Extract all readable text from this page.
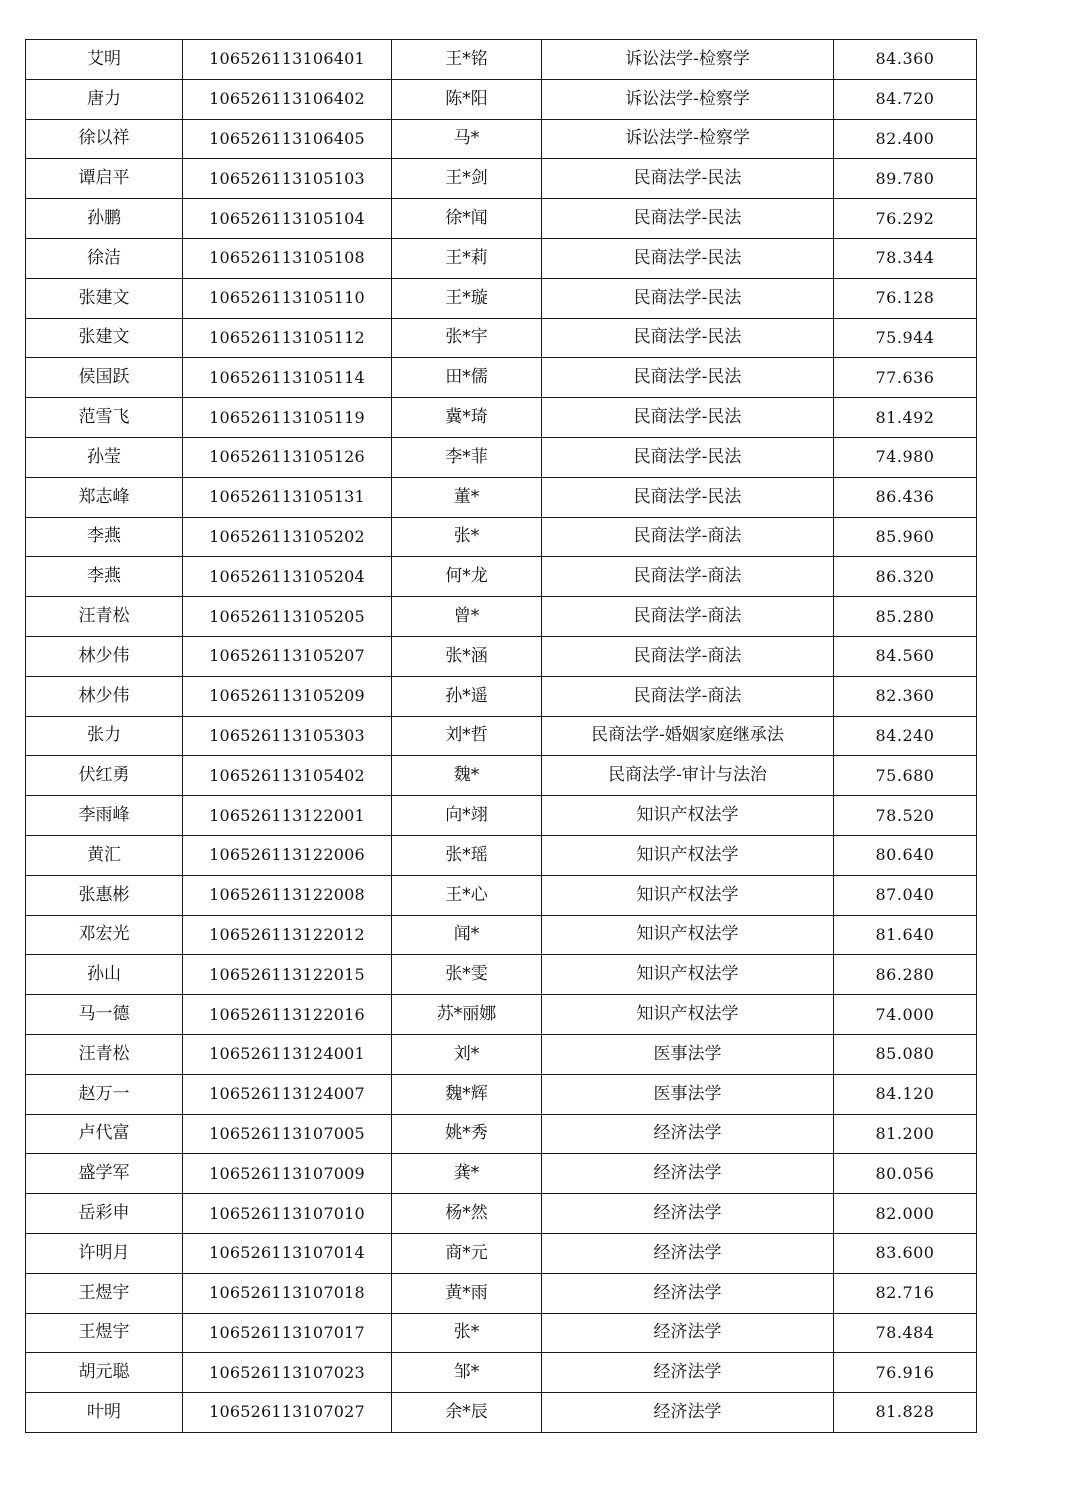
艾明	106526113106401	王*铭	诉讼法学-检察学	84.360
唐力	106526113106402	陈*阳	诉讼法学-检察学	84.720
徐以祥	106526113106405	马*	诉讼法学-检察学	82.400
谭启平	106526113105103	王*剑	民商法学-民法	89.780
孙鹏	106526113105104	徐*闻	民商法学-民法	76.292
徐洁	106526113105108	王*莉	民商法学-民法	78.344
张建文	106526113105110	王*璇	民商法学-民法	76.128
张建文	106526113105112	张*宇	民商法学-民法	75.944
侯国跃	106526113105114	田*儒	民商法学-民法	77.636
范雪飞	106526113105119	冀*琦	民商法学-民法	81.492
孙莹	106526113105126	李*菲	民商法学-民法	74.980
郑志峰	106526113105131	董*	民商法学-民法	86.436
李燕	106526113105202	张*	民商法学-商法	85.960
李燕	106526113105204	何*龙	民商法学-商法	86.320
汪青松	106526113105205	曾*	民商法学-商法	85.280
林少伟	106526113105207	张*涵	民商法学-商法	84.560
林少伟	106526113105209	孙*遥	民商法学-商法	82.360
张力	106526113105303	刘*哲	民商法学-婚姻家庭继承法	84.240
伏红勇	106526113105402	魏*	民商法学-审计与法治	75.680
李雨峰	106526113122001	向*翊	知识产权法学	78.520
黄汇	106526113122006	张*瑶	知识产权法学	80.640
张惠彬	106526113122008	王*心	知识产权法学	87.040
邓宏光	106526113122012	闻*	知识产权法学	81.640
孙山	106526113122015	张*雯	知识产权法学	86.280
马一德	106526113122016	苏*丽娜	知识产权法学	74.000
汪青松	106526113124001	刘*	医事法学	85.080
赵万一	106526113124007	魏*辉	医事法学	84.120
卢代富	106526113107005	姚*秀	经济法学	81.200
盛学军	106526113107009	龚*	经济法学	80.056
岳彩申	106526113107010	杨*然	经济法学	82.000
许明月	106526113107014	商*元	经济法学	83.600
王煜宇	106526113107018	黄*雨	经济法学	82.716
王煜宇	106526113107017	张*	经济法学	78.484
胡元聪	106526113107023	邹*	经济法学	76.916
叶明	106526113107027	余*辰	经济法学	81.828
